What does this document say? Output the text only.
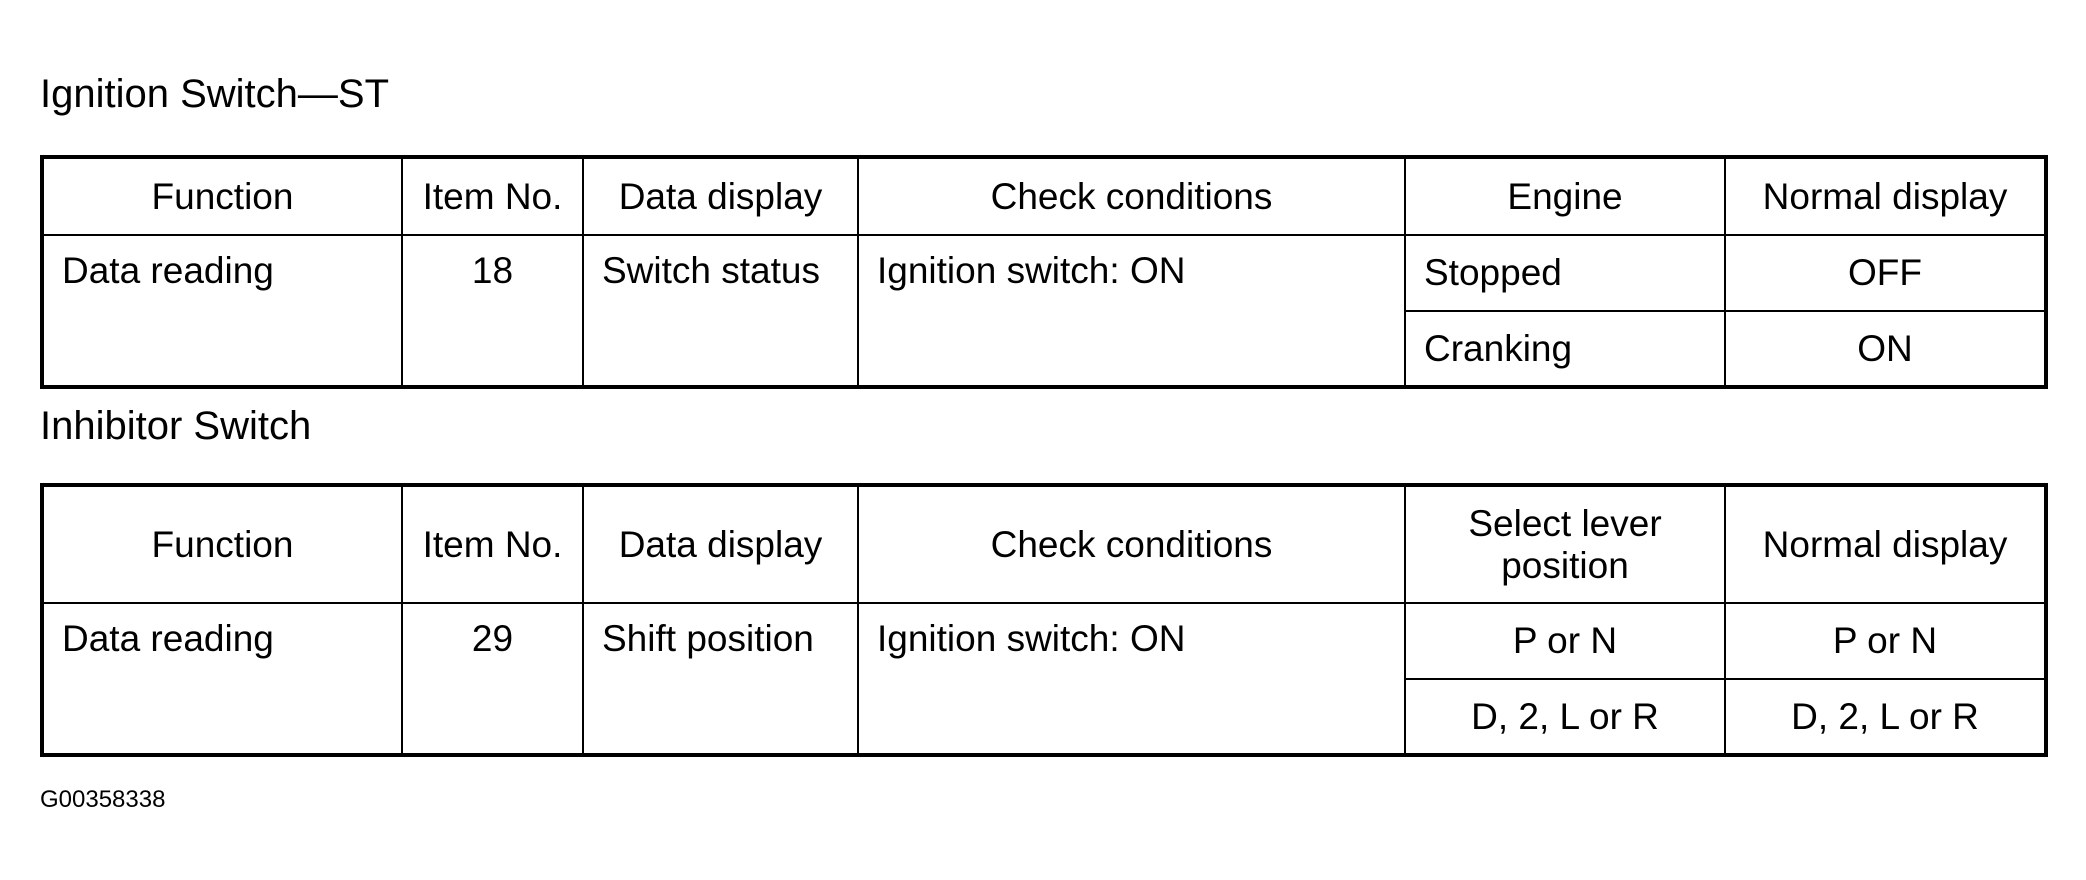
Ignition Switch—ST
Function	Item No.	Data display	Check conditions	Engine	Normal display
Data reading	18	Switch status	Ignition switch: ON	Stopped	OFF
				Cranking	ON
Inhibitor Switch
Function	Item No.	Data display	Check conditions	Select lever position	Normal display
Data reading	29	Shift position	Ignition switch: ON	P or N	P or N
				D, 2, L or R	D, 2, L or R
G00358338
